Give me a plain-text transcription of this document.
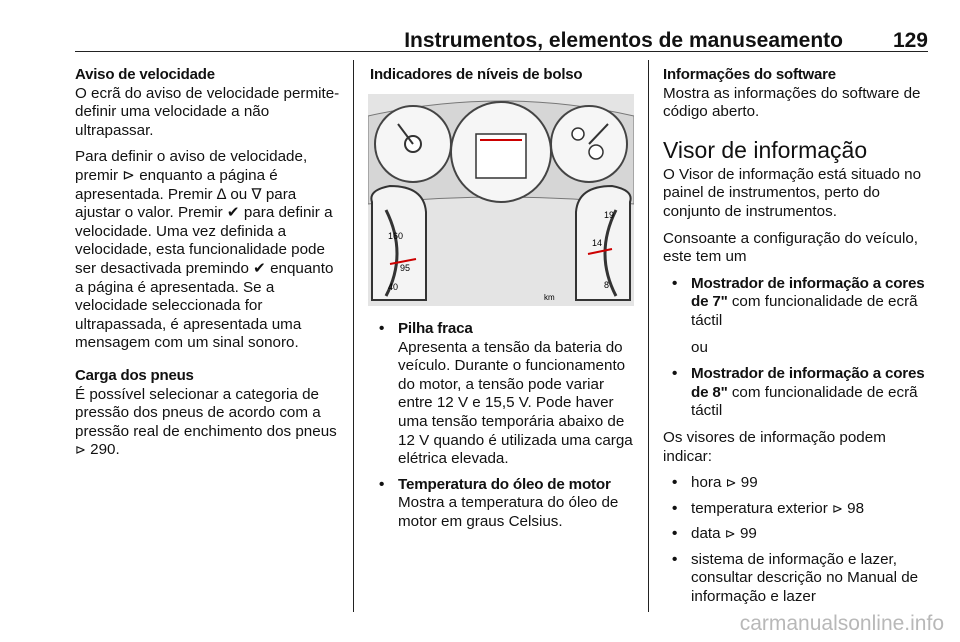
Instrumentos, elementos de manuseamento 129
Aviso de velocidade

O ecrã do aviso de velocidade permite- definir uma velocidade a não ultrapassar.

Para definir o aviso de velocidade, premir ⊳ enquanto a página é apresentada. Premir ∆ ou ∇ para ajustar o valor. Premir ✔ para definir a velocidade. Uma vez definida a velocidade, esta funcionalidade pode ser desactivada premindo ✔ enquanto a página é apresentada. Se a velocidade seleccionada for ultrapassada, é apresentada uma mensagem com um sinal sonoro.

Carga dos pneus

É possível selecionar a categoria de pressão dos pneus de acordo com a pressão real de enchimento dos pneus ⊳ 290.

Indicadores de níveis de bolso
160
95
40
19
14
8
km
• Pilha fraca
Apresenta a tensão da bateria do veículo. Durante o funcionamento do motor, a tensão pode variar entre 12 V e 15,5 V. Pode haver uma tensão temporária abaixo de 12 V quando é utilizada uma carga elétrica elevada.
• Temperatura do óleo de motor
Mostra a temperatura do óleo de motor em graus Celsius.
Informações do software

Mostra as informações do software de código aberto.

Visor de informação

O Visor de informação está situado no painel de instrumentos, perto do conjunto de instrumentos.

Consoante a configuração do veículo, este tem um

• Mostrador de informação a cores de 7" com funcionalidade de ecrã táctil

ou

• Mostrador de informação a cores de 8" com funcionalidade de ecrã táctil

Os visores de informação podem indicar:

• hora ⊳ 99
• temperatura exterior ⊳ 98
• data ⊳ 99
• sistema de informação e lazer, consultar descrição no Manual de informação e lazer
carmanualsonline.info
